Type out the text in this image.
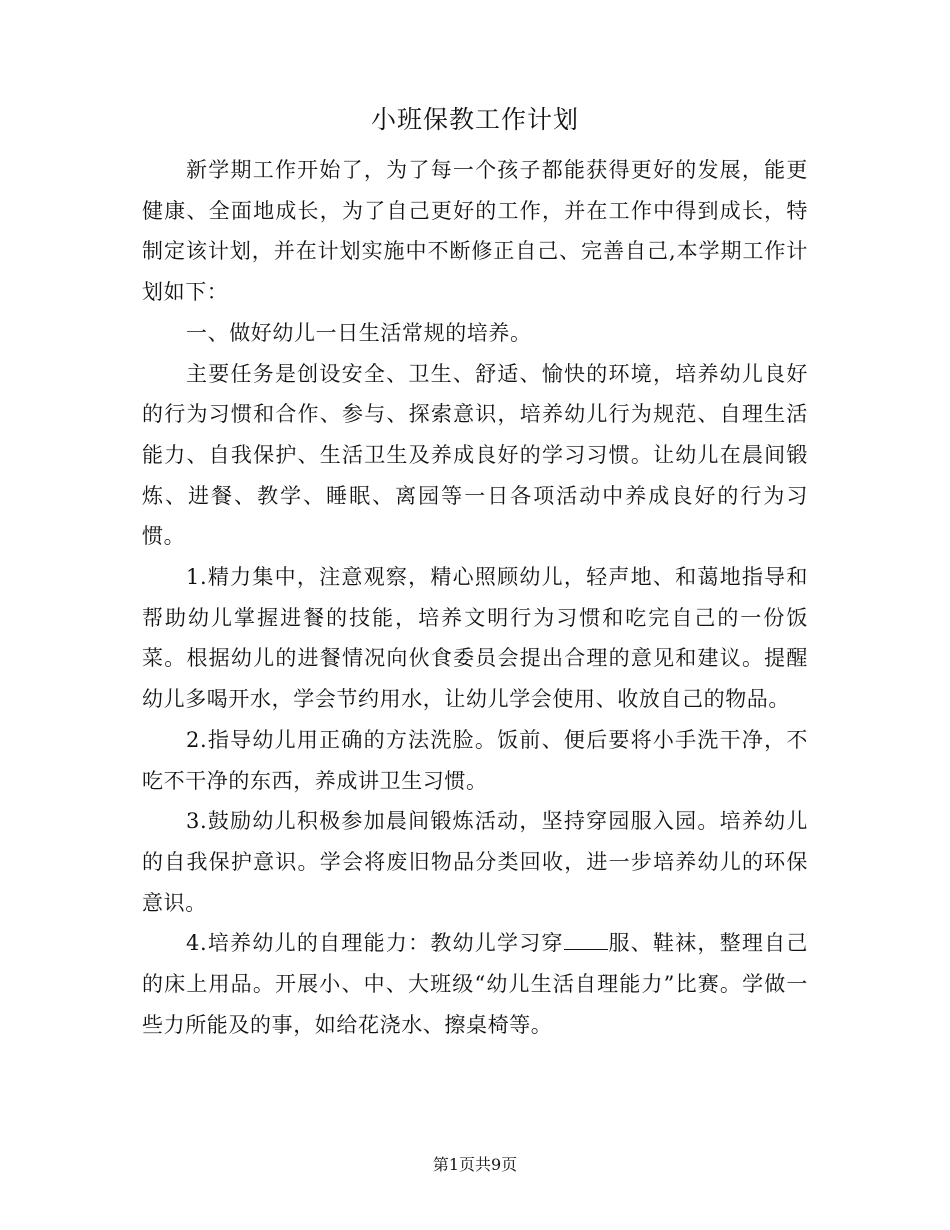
小班保教工作计划

新学期工作开始了，为了每一个孩子都能获得更好的发展，能更健康、全面地成长，为了自己更好的工作，并在工作中得到成长，特制定该计划，并在计划实施中不断修正自己、完善自己,本学期工作计划如下：

一、做好幼儿一日生活常规的培养。

主要任务是创设安全、卫生、舒适、愉快的环境，培养幼儿良好的行为习惯和合作、参与、探索意识，培养幼儿行为规范、自理生活能力、自我保护、生活卫生及养成良好的学习习惯。让幼儿在晨间锻炼、进餐、教学、睡眠、离园等一日各项活动中养成良好的行为习惯。

1.精力集中，注意观察，精心照顾幼儿，轻声地、和蔼地指导和帮助幼儿掌握进餐的技能，培养文明行为习惯和吃完自己的一份饭菜。根据幼儿的进餐情况向伙食委员会提出合理的意见和建议。提醒幼儿多喝开水，学会节约用水，让幼儿学会使用、收放自己的物品。

2.指导幼儿用正确的方法洗脸。饭前、便后要将小手洗干净，不吃不干净的东西，养成讲卫生习惯。

3.鼓励幼儿积极参加晨间锻炼活动，坚持穿园服入园。培养幼儿的自我保护意识。学会将废旧物品分类回收，进一步培养幼儿的环保意识。

4.培养幼儿的自理能力：教幼儿学习穿 服、鞋袜，整理自己的床上用品。开展小、中、大班级“幼儿生活自理能力”比赛。学做一些力所能及的事，如给花浇水、擦桌椅等。

第1页共9页
